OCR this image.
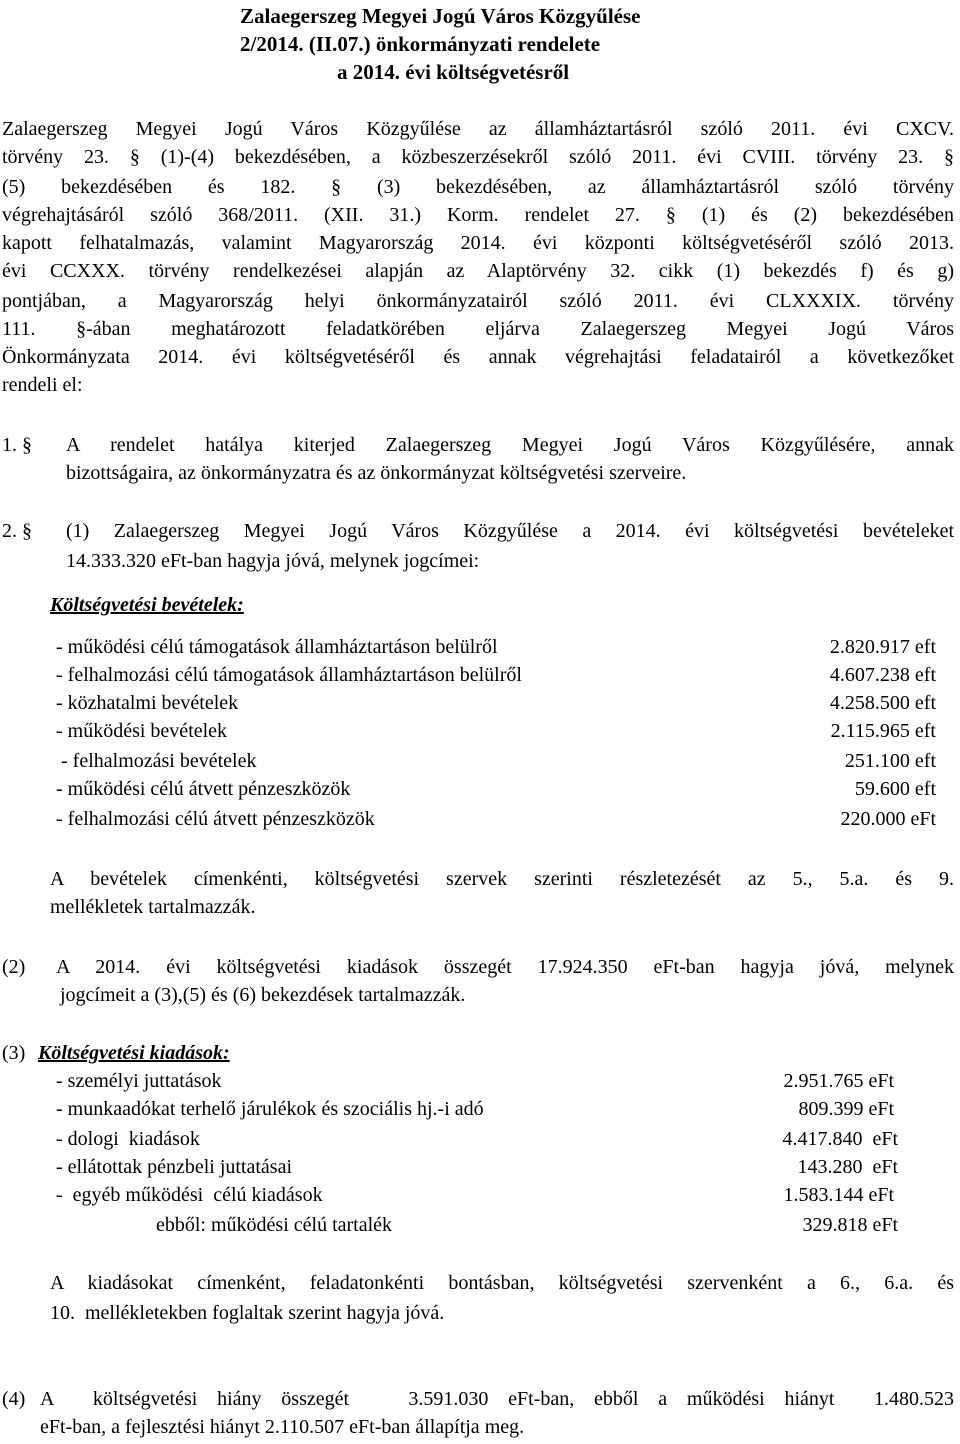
Zalaegerszeg Megyei Jogú Város Közgyűlése
2/2014. (II.07.) önkormányzati rendelete
a 2014. évi költségvetésről
Zalaegerszeg Megyei Jogú Város Közgyűlése az államháztartásról szóló 2011. évi CXCV.
törvény 23. § (1)-(4) bekezdésében, a közbeszerzésekről szóló 2011. évi CVIII. törvény 23. §
(5) bekezdésében és 182. § (3) bekezdésében, az államháztartásról szóló törvény
végrehajtásáról szóló 368/2011. (XII. 31.) Korm. rendelet 27. § (1) és (2) bekezdésében
kapott felhatalmazás, valamint Magyarország 2014. évi központi költségvetéséről szóló 2013.
évi CCXXX. törvény rendelkezései alapján az Alaptörvény 32. cikk (1) bekezdés f) és g)
pontjában, a Magyarország helyi önkormányzatairól szóló 2011. évi CLXXXIX. törvény
111. §-ában meghatározott feladatkörében eljárva Zalaegerszeg Megyei Jogú Város
Önkormányzata 2014. évi költségvetéséről és annak végrehajtási feladatairól a következőket
rendeli el:
1. § A rendelet hatálya kiterjed Zalaegerszeg Megyei Jogú Város Közgyűlésére, annak
bizottságaira, az önkormányzatra és az önkormányzat költségvetési szerveire.
2. § (1) Zalaegerszeg Megyei Jogú Város Közgyűlése a 2014. évi költségvetési bevételeket
14.333.320 eFt-ban hagyja jóvá, melynek jogcímei:
Költségvetési bevételek:
- működési célú támogatások államháztartáson belülről	2.820.917 eft
- felhalmozási célú támogatások államháztartáson belülről	4.607.238 eft
- közhatalmi bevételek	4.258.500 eft
- működési bevételek	2.115.965 eft
- felhalmozási bevételek	251.100 eft
- működési célú átvett pénzeszközök	59.600 eft
- felhalmozási célú átvett pénzeszközök	220.000 eFt
A bevételek címenkénti, költségvetési szervek szerinti részletezését az 5., 5.a. és 9.
mellékletek tartalmazzák.
(2) A 2014. évi költségvetési kiadások összegét 17.924.350 eFt-ban hagyja jóvá, melynek
jogcímeit a (3),(5) és (6) bekezdések tartalmazzák.
(3) Költségvetési kiadások:
- személyi juttatások	2.951.765 eFt
- munkaadókat terhelő járulékok és szociális hj.-i adó	809.399 eFt
- dologi  kiadások	4.417.840  eFt
- ellátottak pénzbeli juttatásai	143.280  eFt
-  egyéb működési  célú kiadások	1.583.144 eFt
ebből: működési célú tartalék	329.818 eFt
A kiadásokat címenként, feladatonkénti bontásban, költségvetési szervenként a 6., 6.a. és
10.  mellékletekben foglaltak szerint hagyja jóvá.
(4) A  költségvetési hiány összegét   3.591.030 eFt-ban, ebből a működési hiányt  1.480.523
eFt-ban, a fejlesztési hiányt 2.110.507 eFt-ban állapítja meg.
